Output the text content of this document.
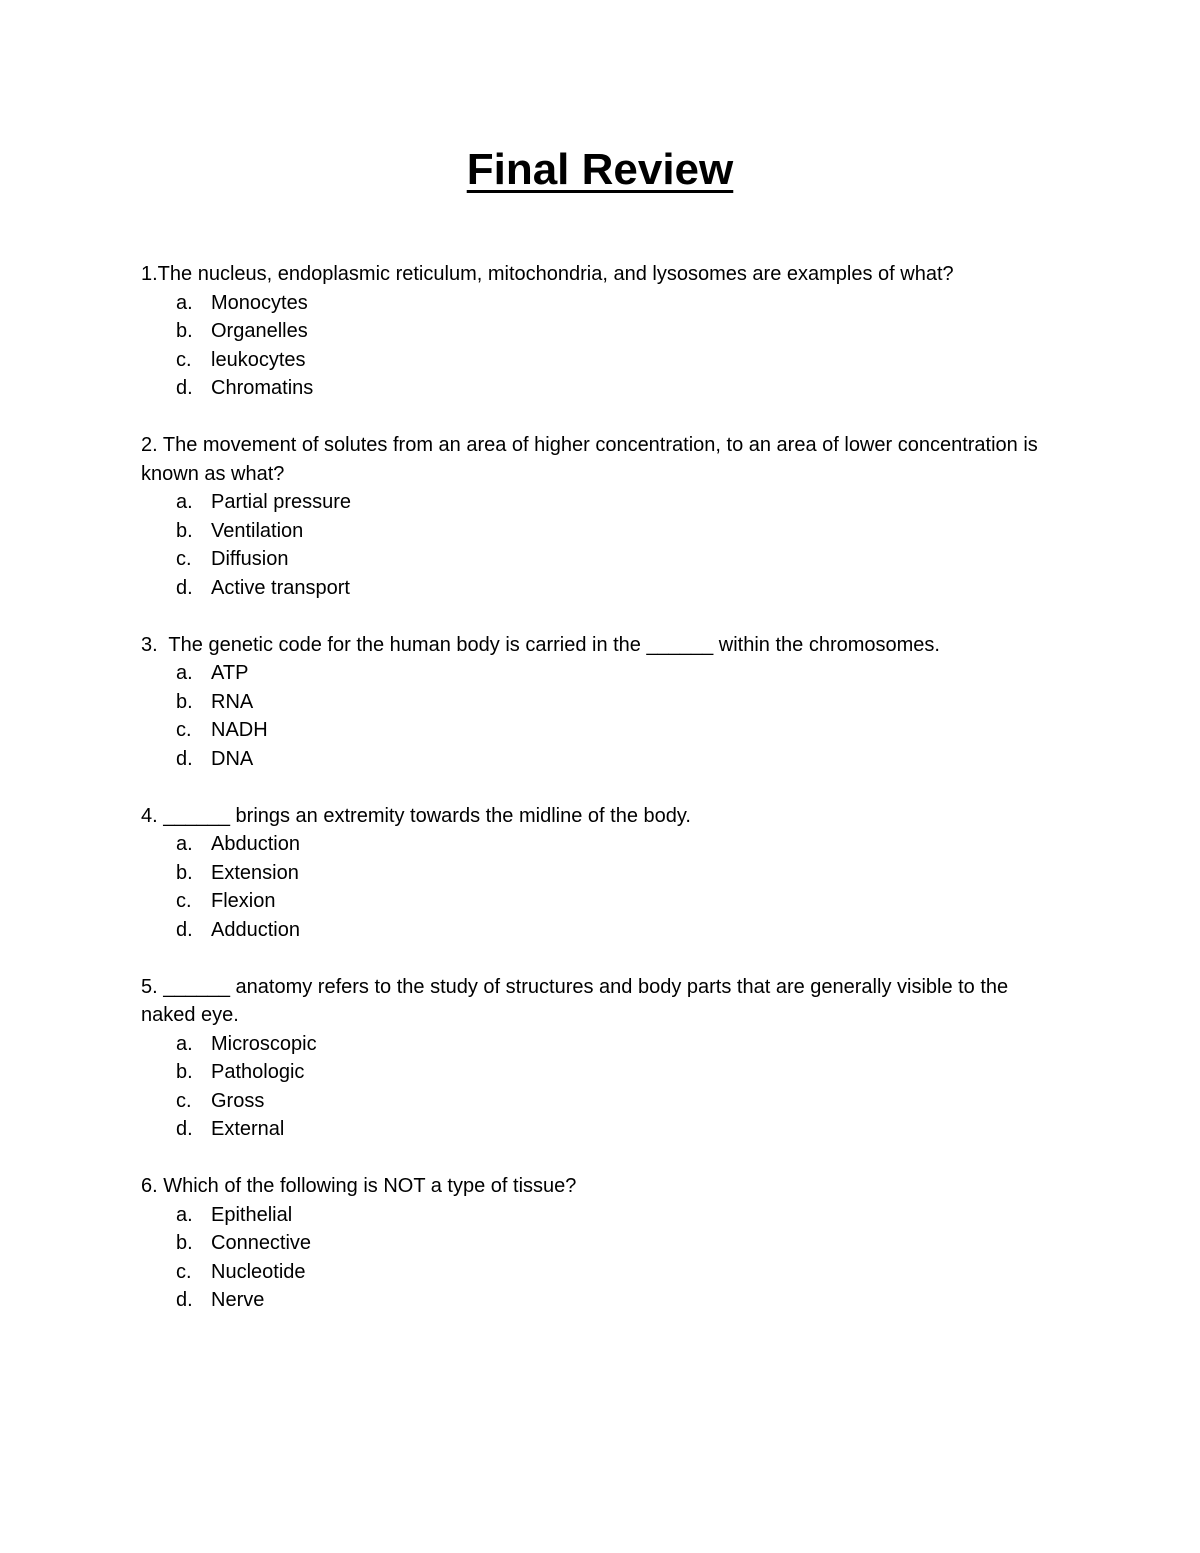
Final Review

1.The nucleus, endoplasmic reticulum, mitochondria, and lysosomes are examples of what?

a. Monocytes
b. Organelles
c. leukocytes
d. Chromatins

2. The movement of solutes from an area of higher concentration, to an area of lower concentration is known as what?

a. Partial pressure
b. Ventilation
c. Diffusion
d. Active transport

3.  The genetic code for the human body is carried in the ______ within the chromosomes.

a. ATP
b. RNA
c. NADH
d. DNA

4. ______ brings an extremity towards the midline of the body.

a. Abduction
b. Extension
c. Flexion
d. Adduction

5. ______ anatomy refers to the study of structures and body parts that are generally visible to the naked eye.

a. Microscopic
b. Pathologic
c. Gross
d. External

6. Which of the following is NOT a type of tissue?

a. Epithelial
b. Connective
c. Nucleotide
d. Nerve
